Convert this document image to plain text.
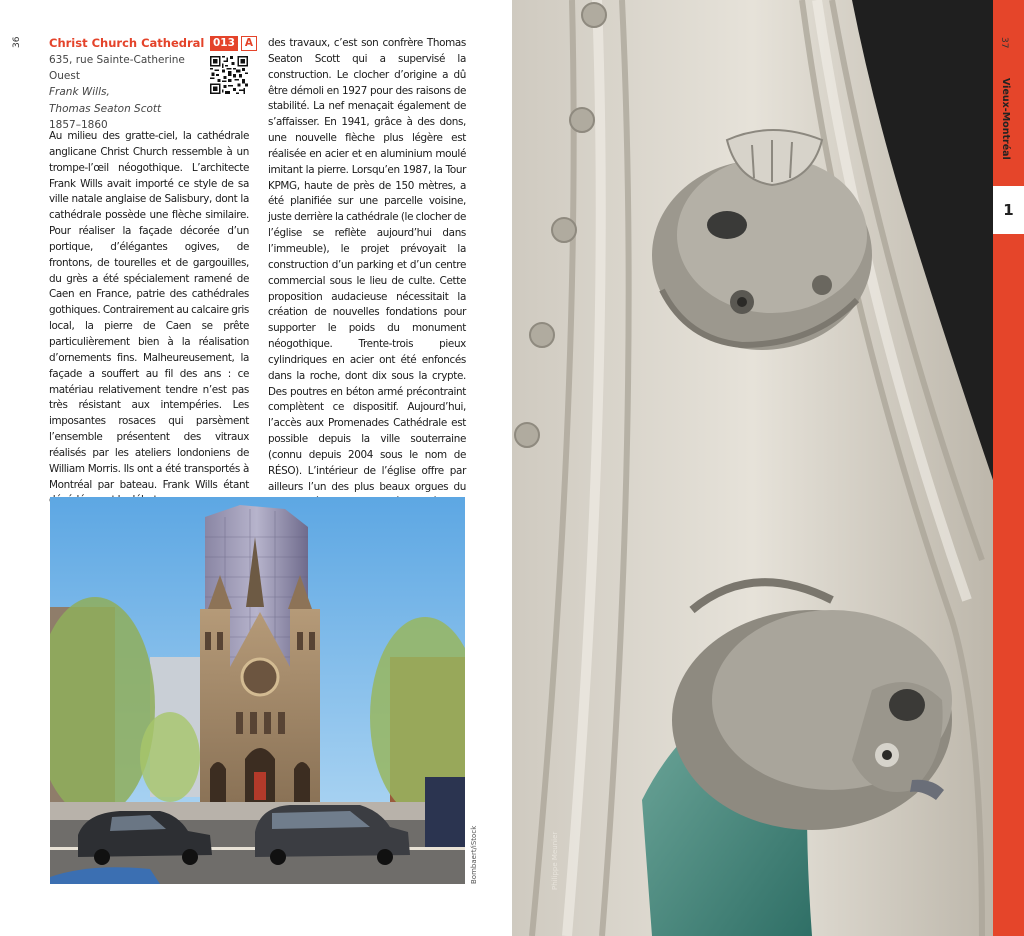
36 Christ Church Cathedral 013 A
635, rue Sainte-Catherine Ouest
Frank Wills,
Thomas Seaton Scott
1857–1860
Au milieu des gratte-ciel, la cathédrale anglicane Christ Church ressemble à un trompe-l’œil néogothique. L’architecte Frank Wills avait importé ce style de sa ville natale anglaise de Salisbury, dont la cathédrale possède une flèche similaire. Pour réaliser la façade décorée d’un portique, d’élégantes ogives, de frontons, de tourelles et de gargouilles, du grès a été spécialement ramené de Caen en France, patrie des cathédrales gothiques. Contrairement au calcaire gris local, la pierre de Caen se prête particulièrement bien à la réalisation d’ornements fins. Malheureusement, la façade a souffert au fil des ans : ce matériau relativement tendre n’est pas très résistant aux intempéries. Les imposantes rosaces qui parsèment l’ensemble présentent des vitraux réalisés par les ateliers londoniens de William Morris. Ils ont a été transportés à Montréal par bateau. Frank Wills étant
des travaux, c’est son confrère Thomas Seaton Scott qui a supervisé la construction. Le clocher d’origine a dû être démoli en 1927 pour des raisons de stabilité. La nef menaçait également de s’affaisser. En 1941, grâce à des dons, une nouvelle flèche plus légère est réalisée en acier et en aluminium moulé imitant la pierre. Lorsqu’en 1987, la Tour KPMG, haute de près de 150 mètres, a été planifiée sur une parcelle voisine, juste derrière la cathédrale (le clocher de l’église se reflète aujourd’hui dans l’immeuble), le projet prévoyait la construction d’un parking et d’un centre commercial sous le lieu de culte. Cette proposition audacieuse nécessitait la création de nouvelles fondations pour supporter le poids du monument néogothique. Trente-trois pieux cylindriques en acier ont été enfoncés dans la roche, dont dix sous la crypte. Des poutres en béton armé précontraint complètent ce dispositif. Aujourd’hui, l’accès aux Promenades Cathédrale est possible depuis la ville souterraine (connu depuis 2004 sous le nom de RÉSO). L’intérieur de l’église offre par ailleurs l’un des plus beaux orgues du
Bombaert/iStock	Philippe Meunier
37
Vieux-Montréal
1
